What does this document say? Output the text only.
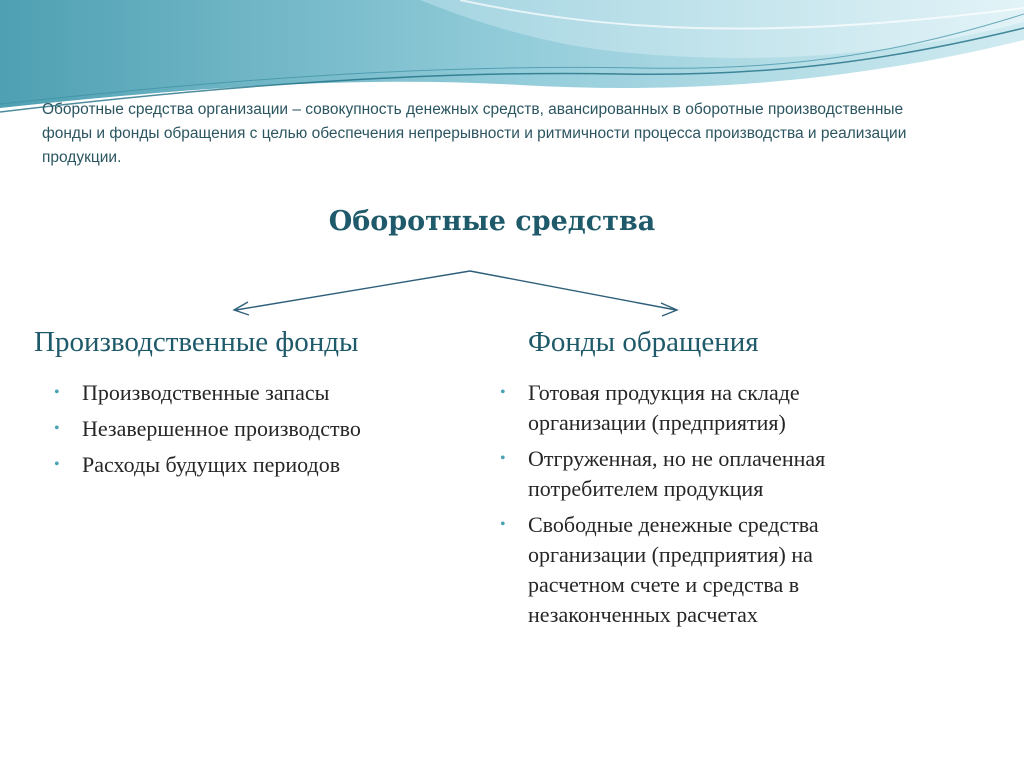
Оборотные средства организации – совокупность денежных средств, авансированных в оборотные производственные фонды и фонды обращения с целью обеспечения непрерывности и ритмичности процесса производства и реализации продукции.
Оборотные средства
Производственные фонды	Фонды обращения
• Производственные запасы
• Незавершенное производство
• Расходы будущих периодов
• Готовая продукция на складе организации (предприятия)
• Отгруженная, но не оплаченная потребителем продукция
• Свободные денежные средства организации (предприятия) на расчетном счете и средства в незаконченных расчетах
